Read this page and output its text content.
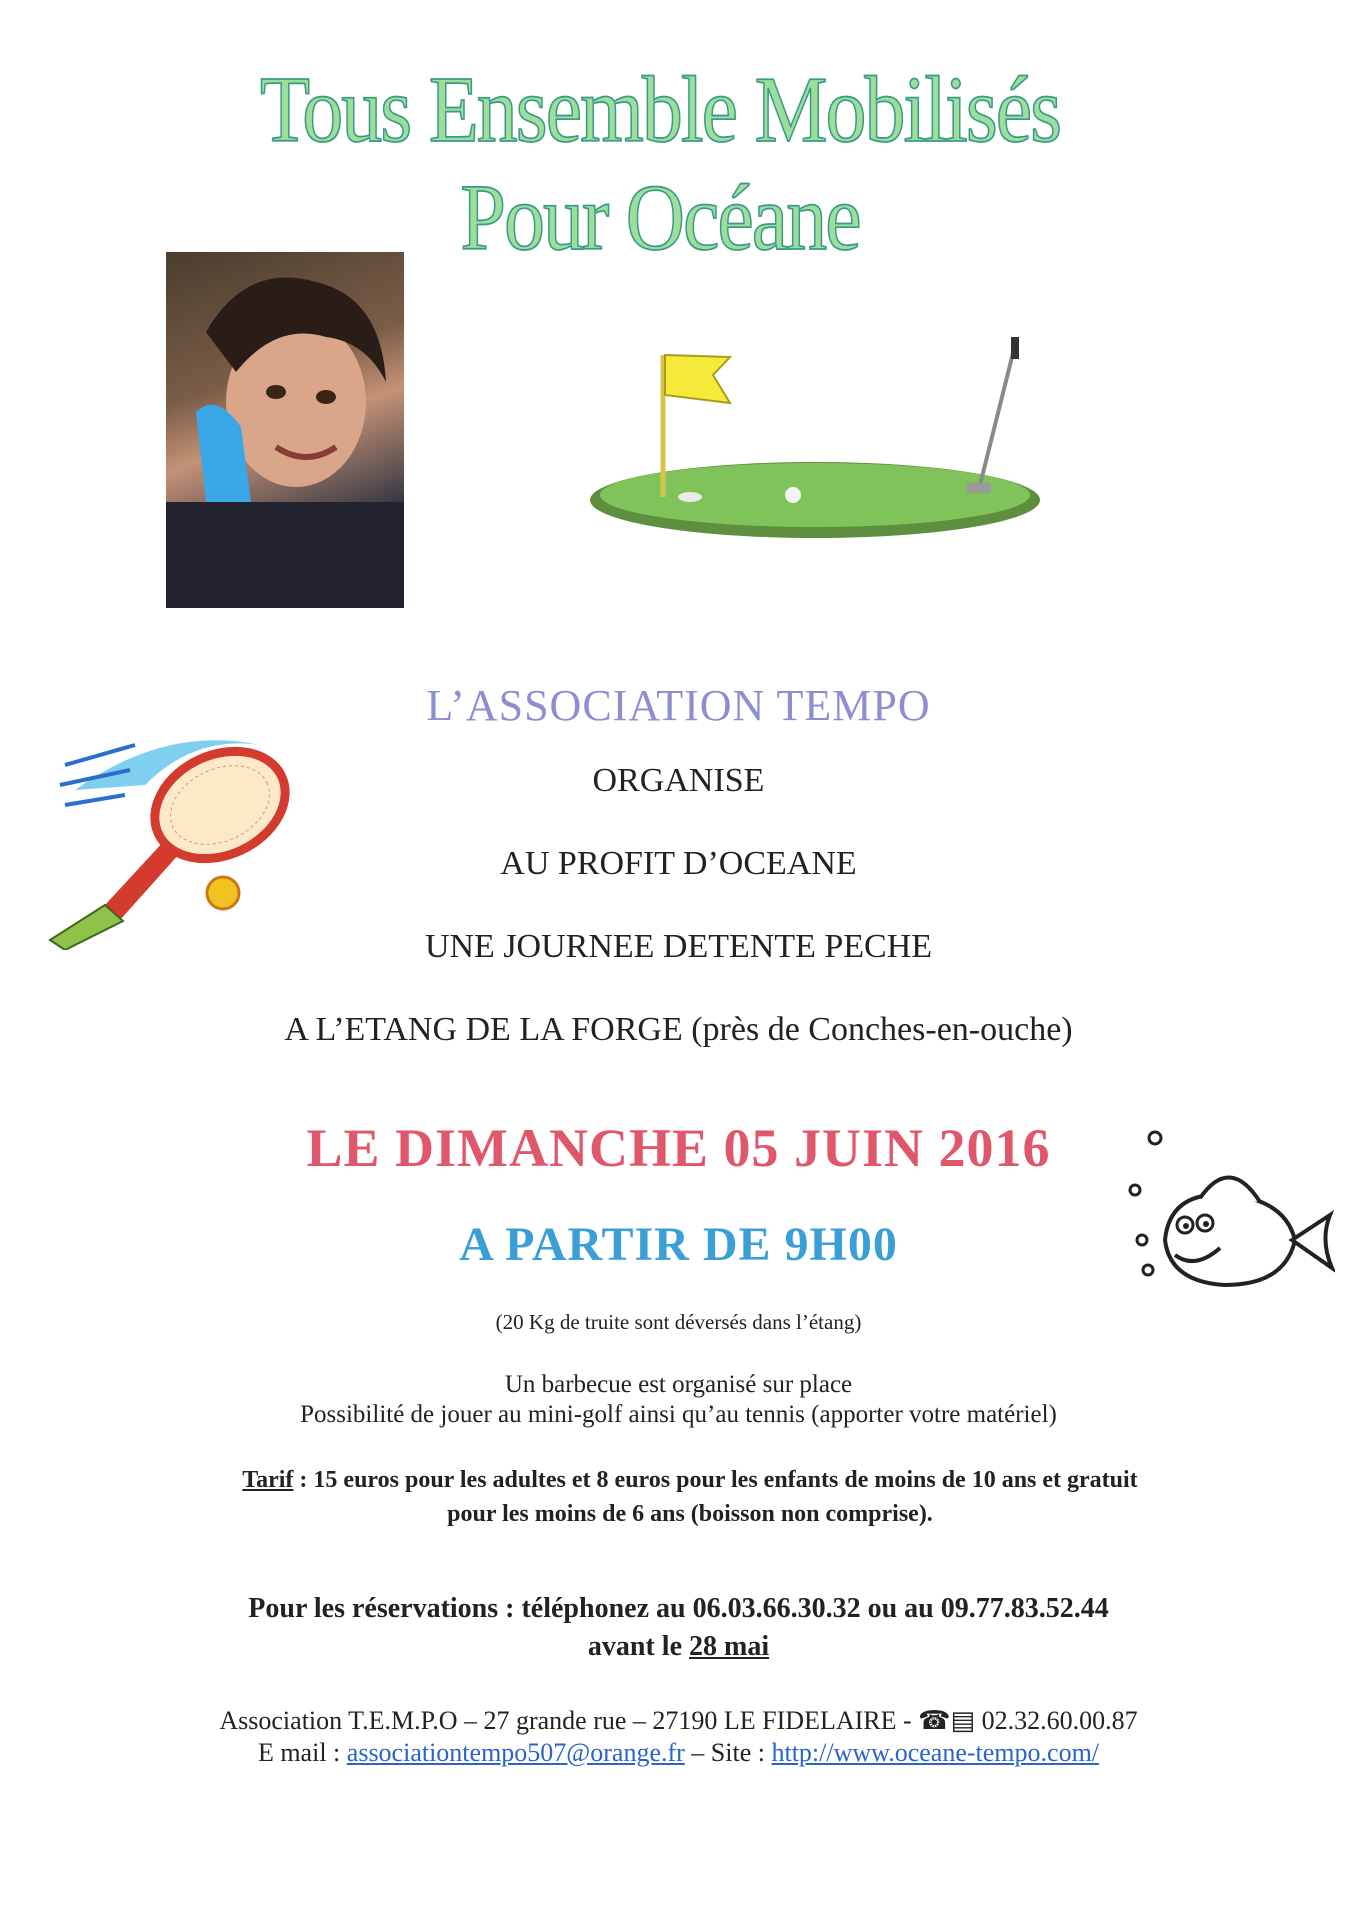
Tous Ensemble Mobilisés Pour Océane
L’ASSOCIATION TEMPO
ORGANISE
AU PROFIT D’OCEANE
UNE JOURNEE DETENTE PECHE
A L’ETANG DE LA FORGE (près de Conches-en-ouche)
LE DIMANCHE 05 JUIN 2016
A PARTIR DE 9H00
(20 Kg de truite sont déversés dans l’étang)
Un barbecue est organisé sur place
Possibilité de jouer au mini-golf ainsi qu’au tennis (apporter votre matériel)
Tarif : 15 euros pour les adultes et 8 euros pour les enfants de moins de 10 ans et gratuit
pour les moins de 6 ans (boisson non comprise).
Pour les réservations : téléphonez au 06.03.66.30.32 ou au 09.77.83.52.44
avant le 28 mai
Association T.E.M.P.O – 27 grande rue – 27190 LE FIDELAIRE - ☎▤ 02.32.60.00.87
E mail : associationtempo507@orange.fr – Site : http://www.oceane-tempo.com/
